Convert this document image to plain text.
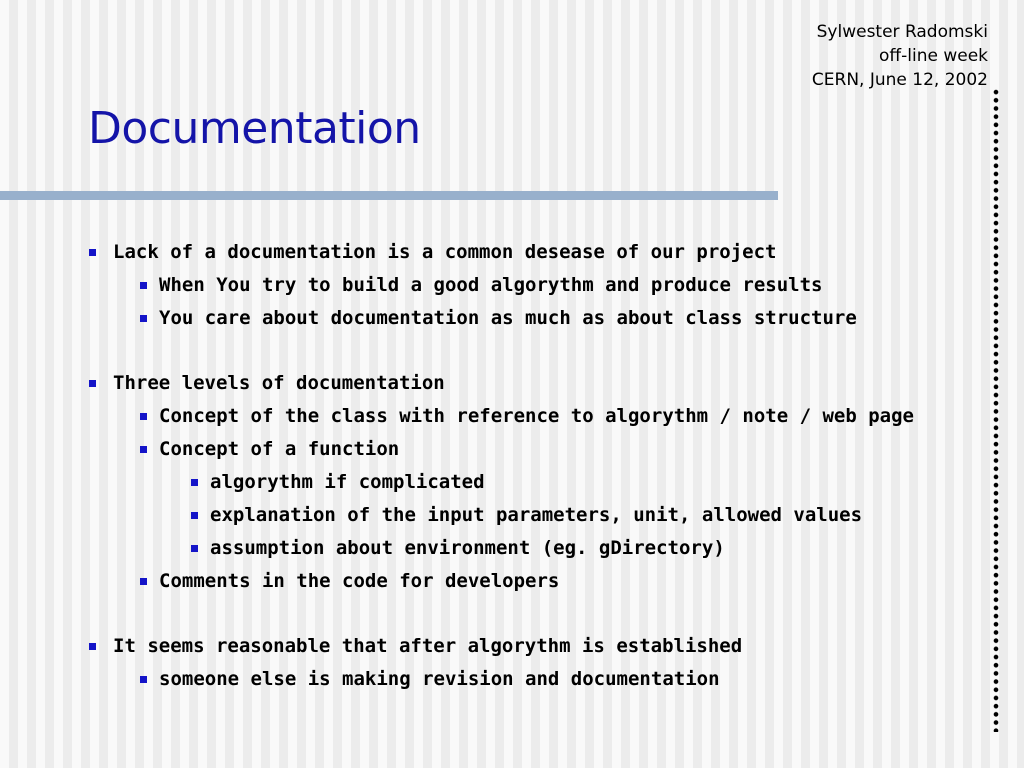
Sylwester Radomski
off-line week
CERN, June 12, 2002
Documentation
Lack of a documentation is a common desease of our project
When You try to build a good algorythm and produce results
You care about documentation as much as about class structure
Three levels of documentation
Concept of the class with reference to algorythm / note / web page
Concept of a function
algorythm if complicated
explanation of the input parameters, unit, allowed values
assumption about environment (eg. gDirectory)
Comments in the code for developers
It seems reasonable that after algorythm is established
someone else is making revision and documentation
